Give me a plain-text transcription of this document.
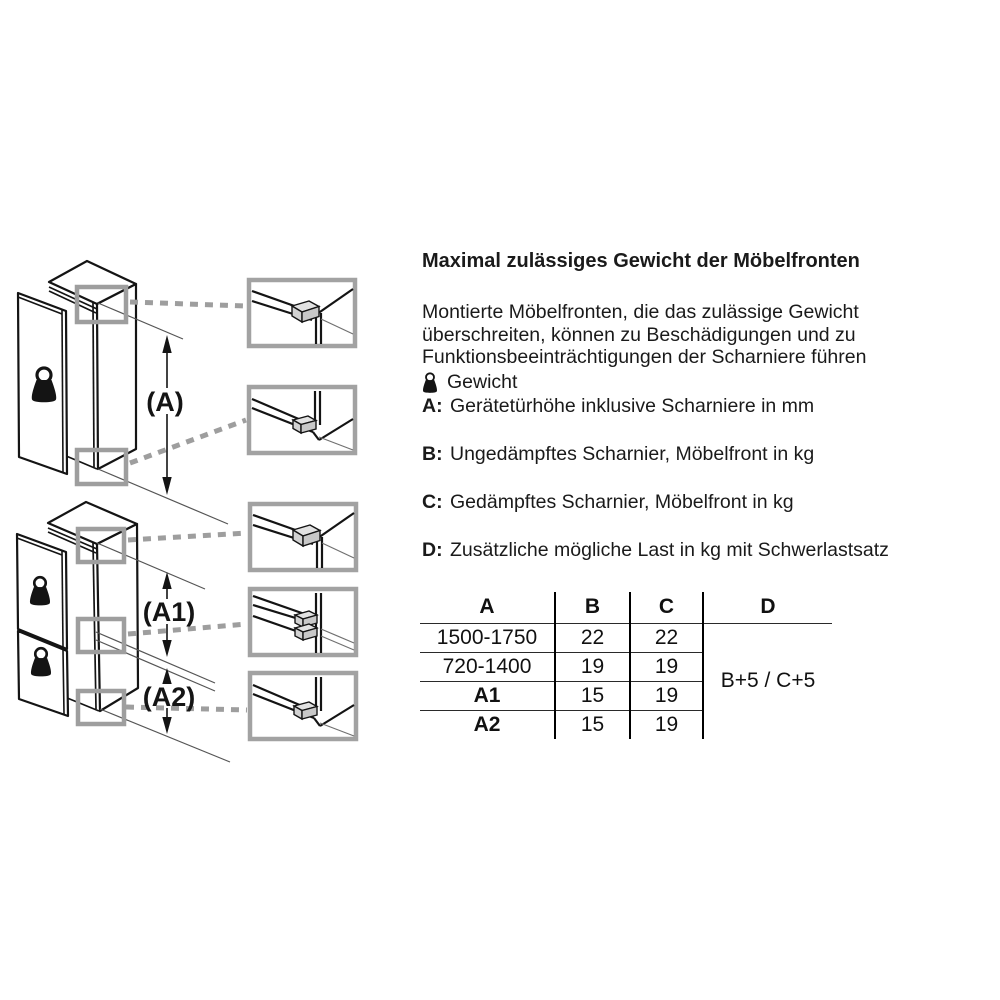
(A)
(A1)
(A2)
Maximal zulässiges Gewicht der Möbelfronten
Montierte Möbelfronten, die das zulässige Gewicht
überschreiten, können zu Beschädigungen und zu
Funktionsbeeinträchtigungen der Scharniere führen
Gewicht
A: Gerätetürhöhe inklusive Scharniere in mm
B: Ungedämpftes Scharnier, Möbelfront in kg
C: Gedämpftes Scharnier, Möbelfront in kg
D: Zusätzliche mögliche Last in kg mit Schwerlastsatz
A	B	C	D
1500-1750	22	22	B+5 / C+5
720-1400	19	19	
A1	15	19	
A2	15	19	
